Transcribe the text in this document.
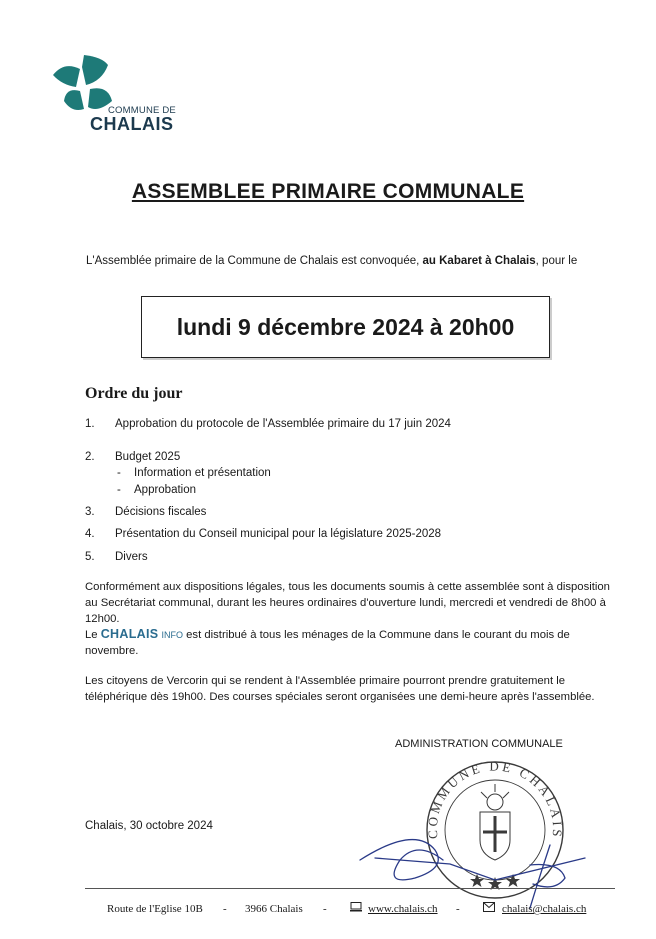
COMMUNE DE
CHALAIS
ASSEMBLEE PRIMAIRE COMMUNALE
L'Assemblée primaire de la Commune de Chalais est convoquée, au Kabaret à Chalais, pour le
lundi 9 décembre 2024 à 20h00
Ordre du jour
1.	Approbation du protocole de l'Assemblée primaire du 17 juin 2024
2.	Budget 2025
- Information et présentation
- Approbation
3.	Décisions fiscales
4.	Présentation du Conseil municipal pour la législature 2025-2028
5.	Divers
Conformément aux dispositions légales, tous les documents soumis à cette assemblée sont à disposition au Secrétariat communal, durant les heures ordinaires d'ouverture lundi, mercredi et vendredi de 8h00 à 12h00.
Le CHALAIS INFO est distribué à tous les ménages de la Commune dans le courant du mois de novembre.
Les citoyens de Vercorin qui se rendent à l'Assemblée primaire pourront prendre gratuitement le téléphérique dès 19h00. Des courses spéciales seront organisées une demi-heure après l'assemblée.
ADMINISTRATION COMMUNALE
Chalais, 30 octobre 2024
COMMUNE DE CHALAIS
Route de l'Eglise 10B - 3966 Chalais -	www.chalais.ch -	chalais@chalais.ch
